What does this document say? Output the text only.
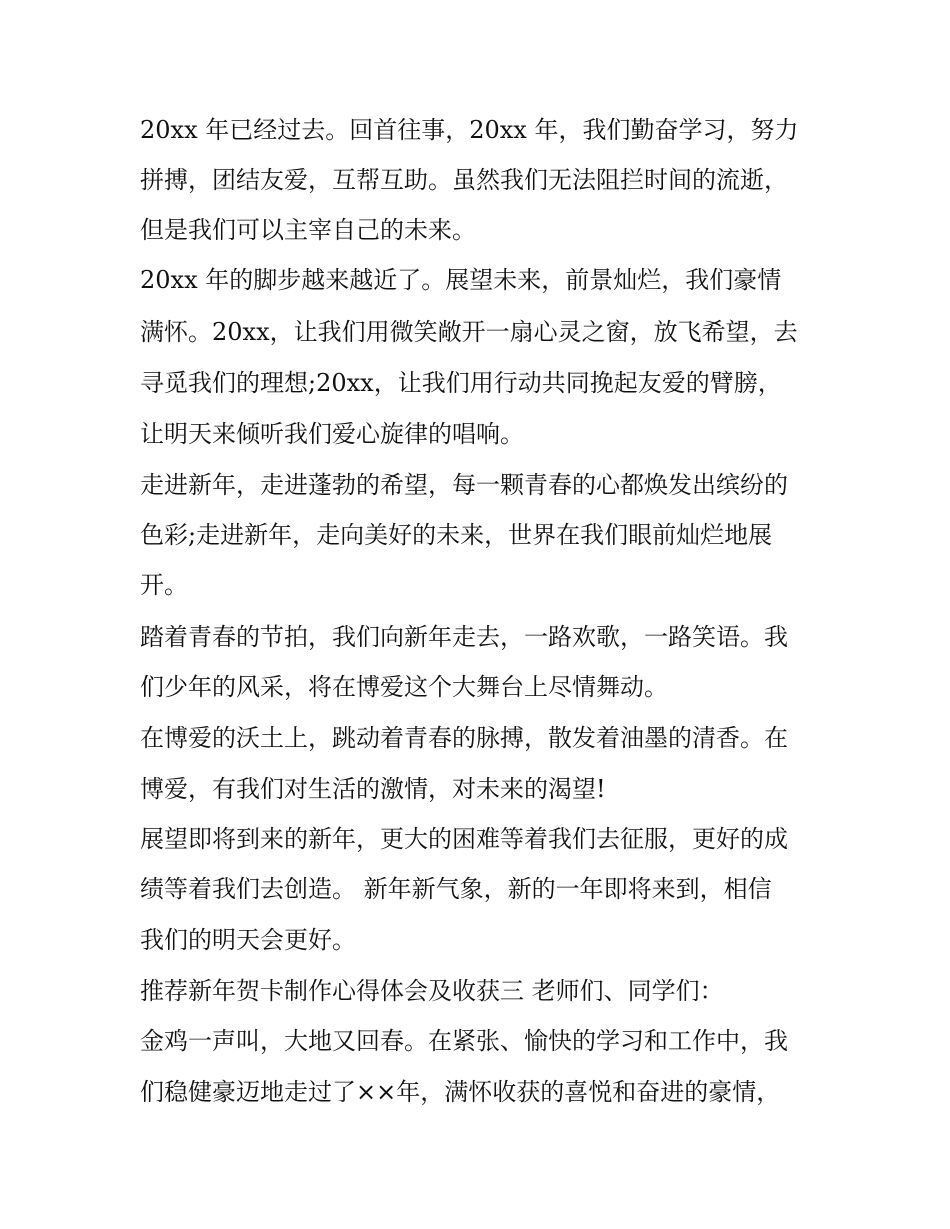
20xx 年已经过去。回首往事，20xx 年，我们勤奋学习，努力
拼搏，团结友爱，互帮互助。虽然我们无法阻拦时间的流逝，
但是我们可以主宰自己的未来。
20xx 年的脚步越来越近了。展望未来，前景灿烂，我们豪情
满怀。20xx，让我们用微笑敞开一扇心灵之窗，放飞希望，去
寻觅我们的理想;20xx，让我们用行动共同挽起友爱的臂膀，
让明天来倾听我们爱心旋律的唱响。
走进新年，走进蓬勃的希望，每一颗青春的心都焕发出缤纷的
色彩;走进新年，走向美好的未来，世界在我们眼前灿烂地展
开。
踏着青春的节拍，我们向新年走去，一路欢歌，一路笑语。我
们少年的风采，将在博爱这个大舞台上尽情舞动。
在博爱的沃土上，跳动着青春的脉搏，散发着油墨的清香。在
博爱，有我们对生活的激情，对未来的渴望!
展望即将到来的新年，更大的困难等着我们去征服，更好的成
绩等着我们去创造。 新年新气象，新的一年即将来到，相信
我们的明天会更好。
推荐新年贺卡制作心得体会及收获三 老师们、同学们：
金鸡一声叫，大地又回春。在紧张、愉快的学习和工作中，我
们稳健豪迈地走过了××年，满怀收获的喜悦和奋进的豪情，
